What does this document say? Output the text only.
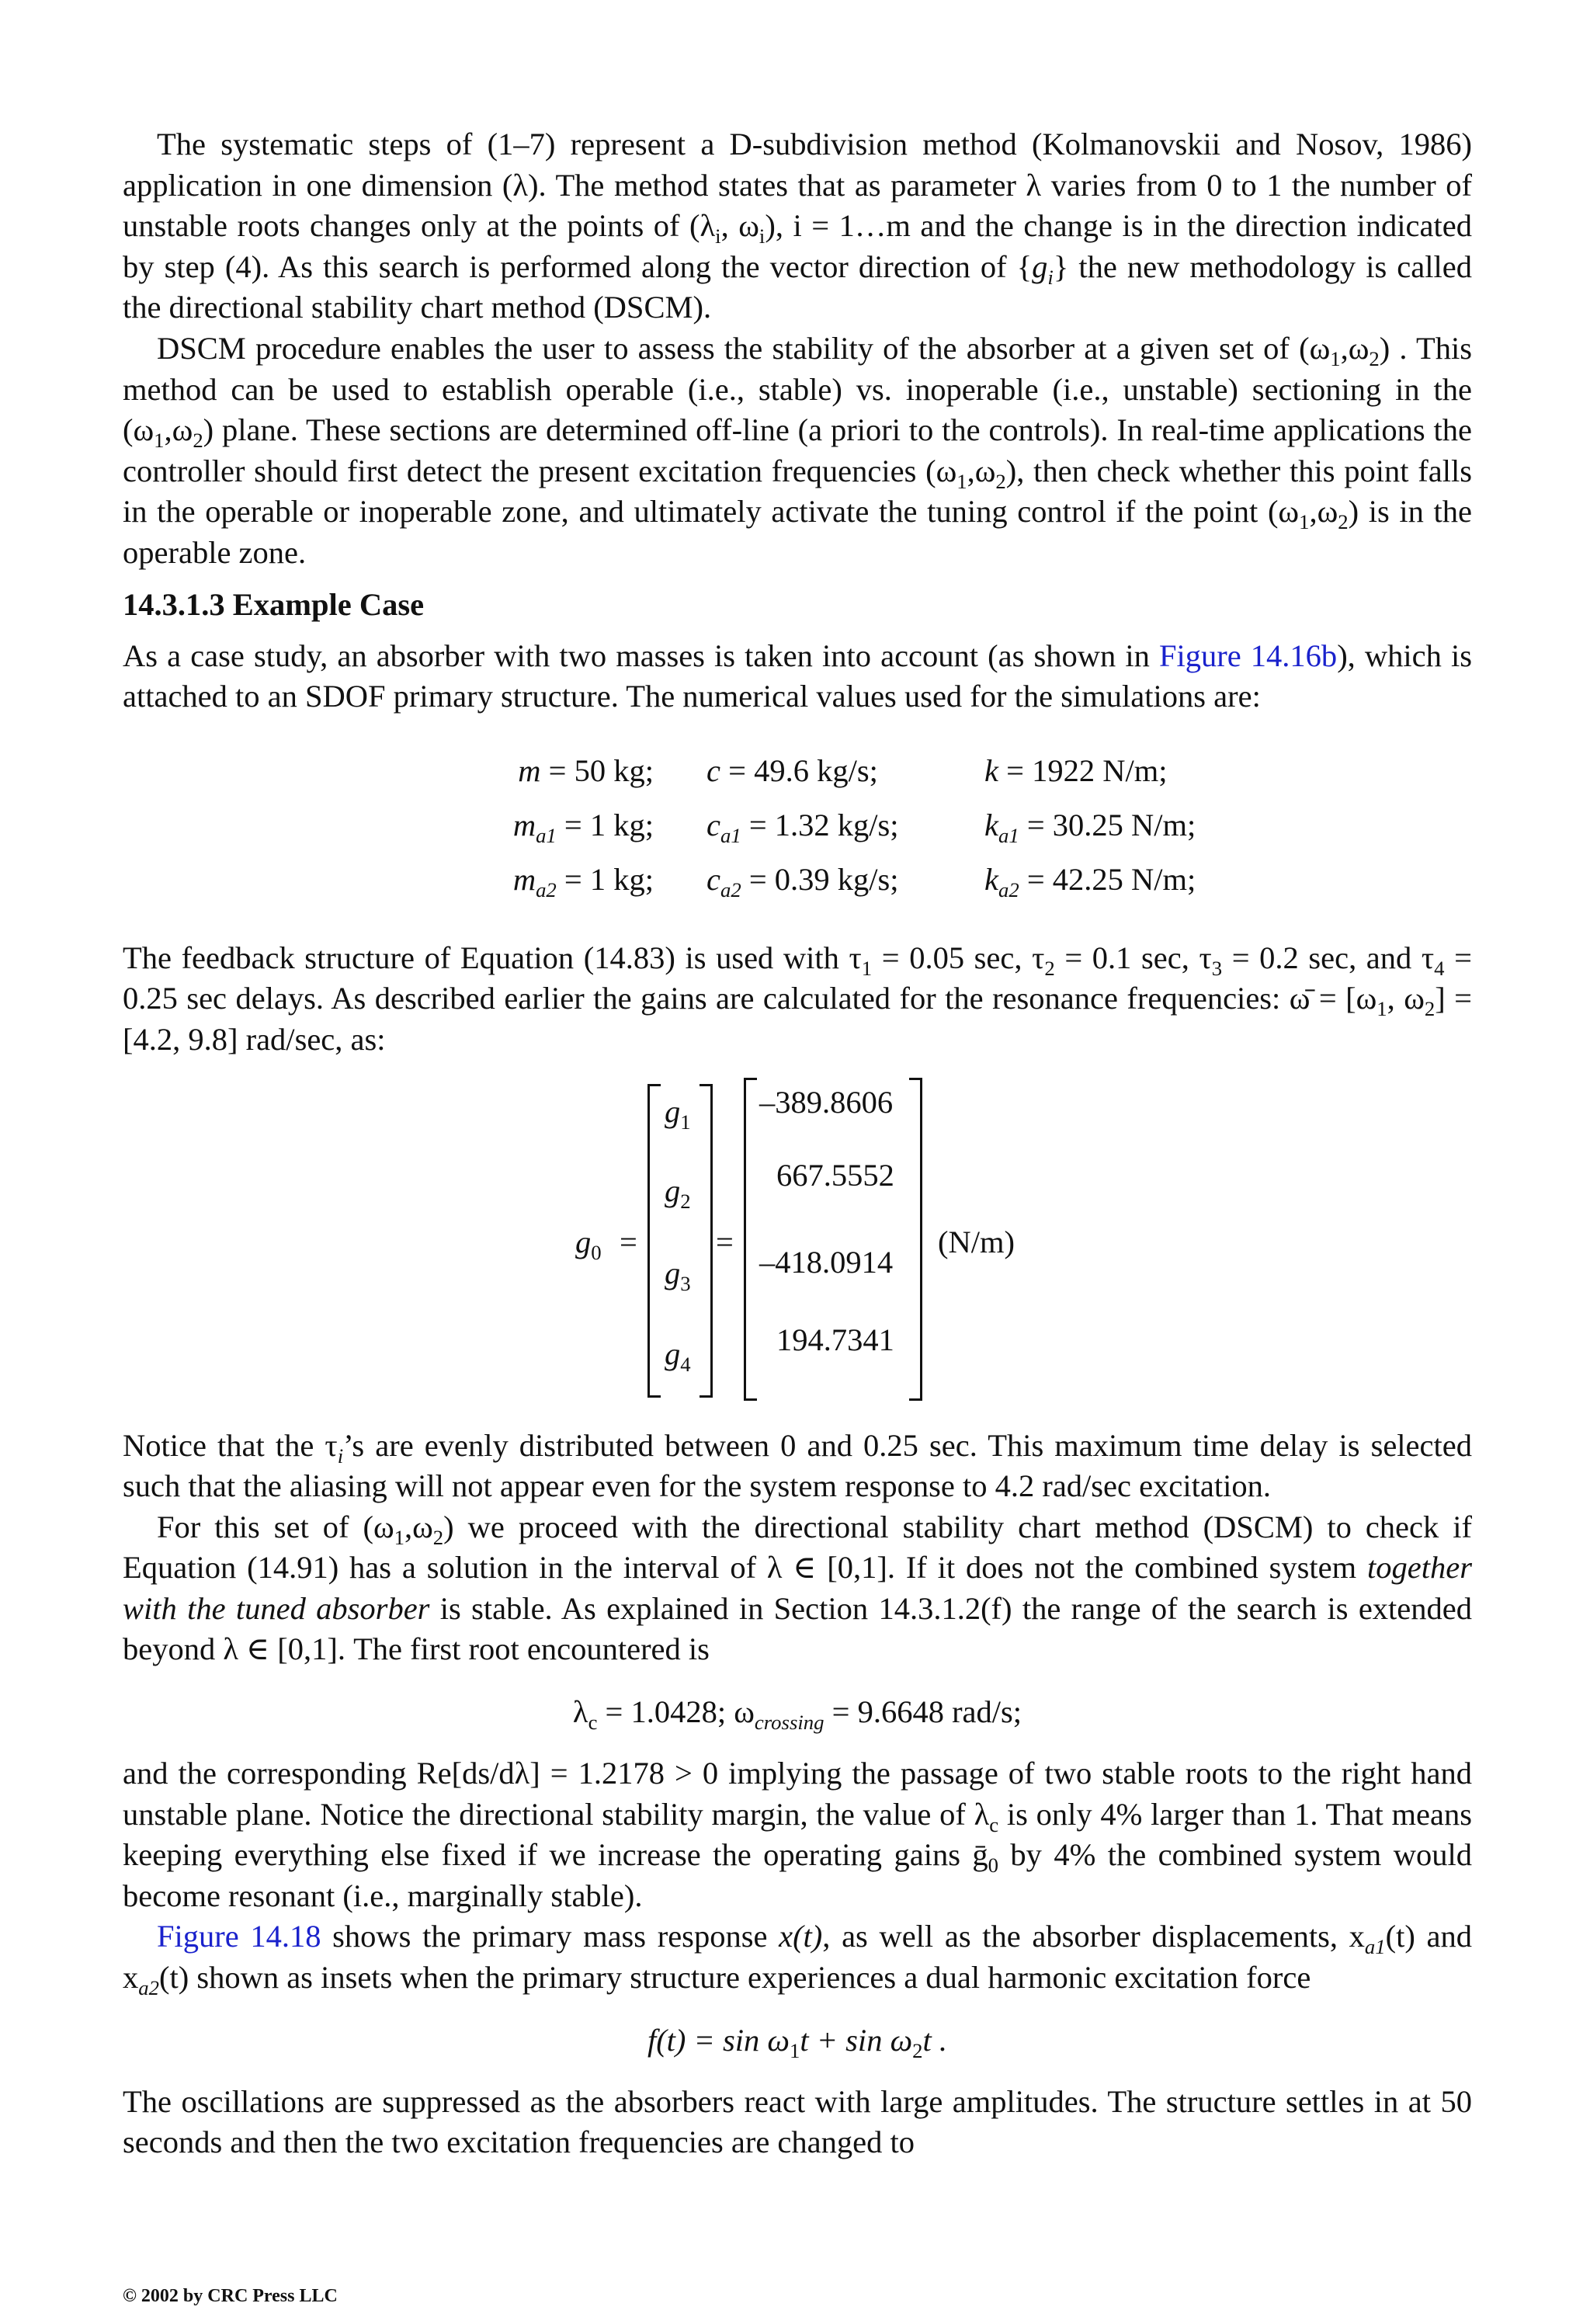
The systematic steps of (1–7) represent a D-subdivision method (Kolmanovskii and Nosov, 1986) application in one dimension (λ). The method states that as parameter λ varies from 0 to 1 the number of unstable roots changes only at the points of ($\lambda_i$, $\omega_i$), i = 1…m and the change is in the direction indicated by step (4). As this search is performed along the vector direction of $\{g_i\}$ the new methodology is called the directional stability chart method (DSCM).

DSCM procedure enables the user to assess the stability of the absorber at a given set of $(\omega_1,\omega_2)$ . This method can be used to establish operable (i.e., stable) vs. inoperable (i.e., unstable) sectioning in the $(\omega_1,\omega_2)$ plane. These sections are determined off-line (a priori to the controls). In real-time applications the controller should first detect the present excitation frequencies $(\omega_1,\omega_2)$, then check whether this point falls in the operable or inoperable zone, and ultimately activate the tuning control if the point $(\omega_1,\omega_2)$ is in the operable zone.

14.3.1.3 Example Case

As a case study, an absorber with two masses is taken into account (as shown in Figure 14.16b), which is attached to an SDOF primary structure. The numerical values used for the simulations are:

m = 50 kg;	c = 49.6 kg/s;	k = 1922 N/m;
$m_{a1} = 1$ kg;	$c_{a1} = 1.32$ kg/s;	$k_{a1} = 30.25$ N/m;
$m_{a2} = 1$ kg;	$c_{a2} = 0.39$ kg/s;	$k_{a2} = 42.25$ N/m;

The feedback structure of Equation (14.83) is used with $\tau_1 = 0.05$ sec, $\tau_2 = 0.1$ sec, $\tau_3 = 0.2$ sec, and $\tau_4 = 0.25$ sec delays. As described earlier the gains are calculated for the resonance frequencies: ω̄ = [$\omega_1$, $\omega_2] = [4.2$, 9.8] rad/sec, as:

$g_0$ =
$g_1$
$g_2$
$g_3$
$g_4$
=
–389.8606
667.5552
–418.0914
194.7341
(N/m)

Notice that the $\tau_i’s$ are evenly distributed between 0 and 0.25 sec. This maximum time delay is selected such that the aliasing will not appear even for the system response to 4.2 rad/sec excitation.

For this set of $(\omega_1,\omega_2)$ we proceed with the directional stability chart method (DSCM) to check if Equation (14.91) has a solution in the interval of λ ∈ [0,1]. If it does not the combined system together with the tuned absorber is stable. As explained in Section 14.3.1.2(f) the range of the search is extended beyond λ ∈ [0,1]. The first root encountered is

$\lambda_c = 1.0428$; $\omega_{crossing} = 9.6648$ rad/s;

and the corresponding Re[ds/dλ] = 1.2178 > 0 implying the passage of two stable roots to the right hand unstable plane. Notice the directional stability margin, the value of $\lambda_c$ is only 4% larger than 1. That means keeping everything else fixed if we increase the operating gains ḡ$_0$ by 4% the combined system would become resonant (i.e., marginally stable).

Figure 14.18 shows the primary mass response x(t), as well as the absorber displacements, $x_{a1}(t)$ and $x_{a2}(t)$ shown as insets when the primary structure experiences a dual harmonic excitation force

$f(t) = \sin \omega_1t + \sin \omega_2t$ .

The oscillations are suppressed as the absorbers react with large amplitudes. The structure settles in at 50 seconds and then the two excitation frequencies are changed to

© 2002 by CRC Press LLC
